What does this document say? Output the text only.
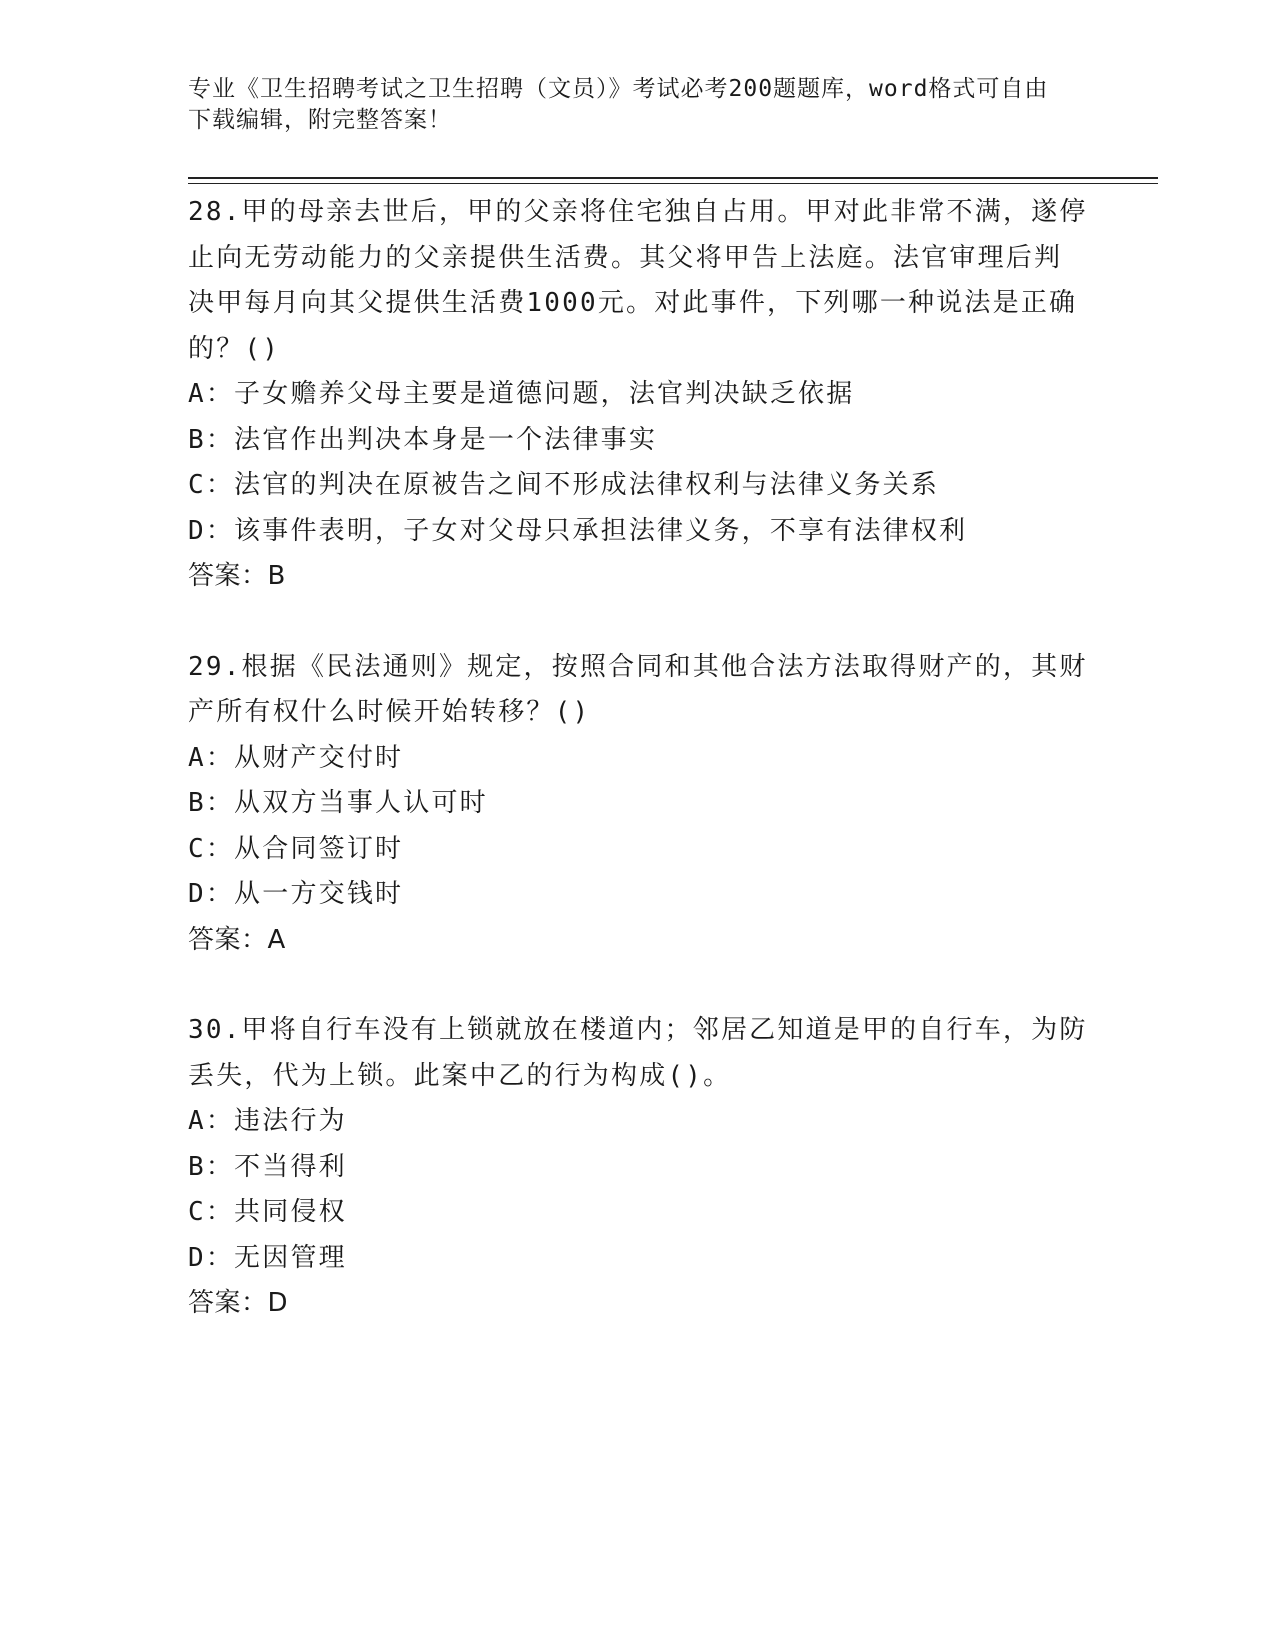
专业《卫生招聘考试之卫生招聘（文员）》考试必考200题题库，word格式可自由下载编辑，附完整答案！

28.甲的母亲去世后，甲的父亲将住宅独自占用。甲对此非常不满，遂停止向无劳动能力的父亲提供生活费。其父将甲告上法庭。法官审理后判决甲每月向其父提供生活费1000元。对此事件，下列哪一种说法是正确的？()

A：子女赡养父母主要是道德问题，法官判决缺乏依据

B：法官作出判决本身是一个法律事实

C：法官的判决在原被告之间不形成法律权利与法律义务关系

D：该事件表明，子女对父母只承担法律义务，不享有法律权利

答案：B

29.根据《民法通则》规定，按照合同和其他合法方法取得财产的，其财产所有权什么时候开始转移？()

A：从财产交付时

B：从双方当事人认可时

C：从合同签订时

D：从一方交钱时

答案：A

30.甲将自行车没有上锁就放在楼道内；邻居乙知道是甲的自行车，为防丢失，代为上锁。此案中乙的行为构成()。

A：违法行为

B：不当得利

C：共同侵权

D：无因管理

答案：D
